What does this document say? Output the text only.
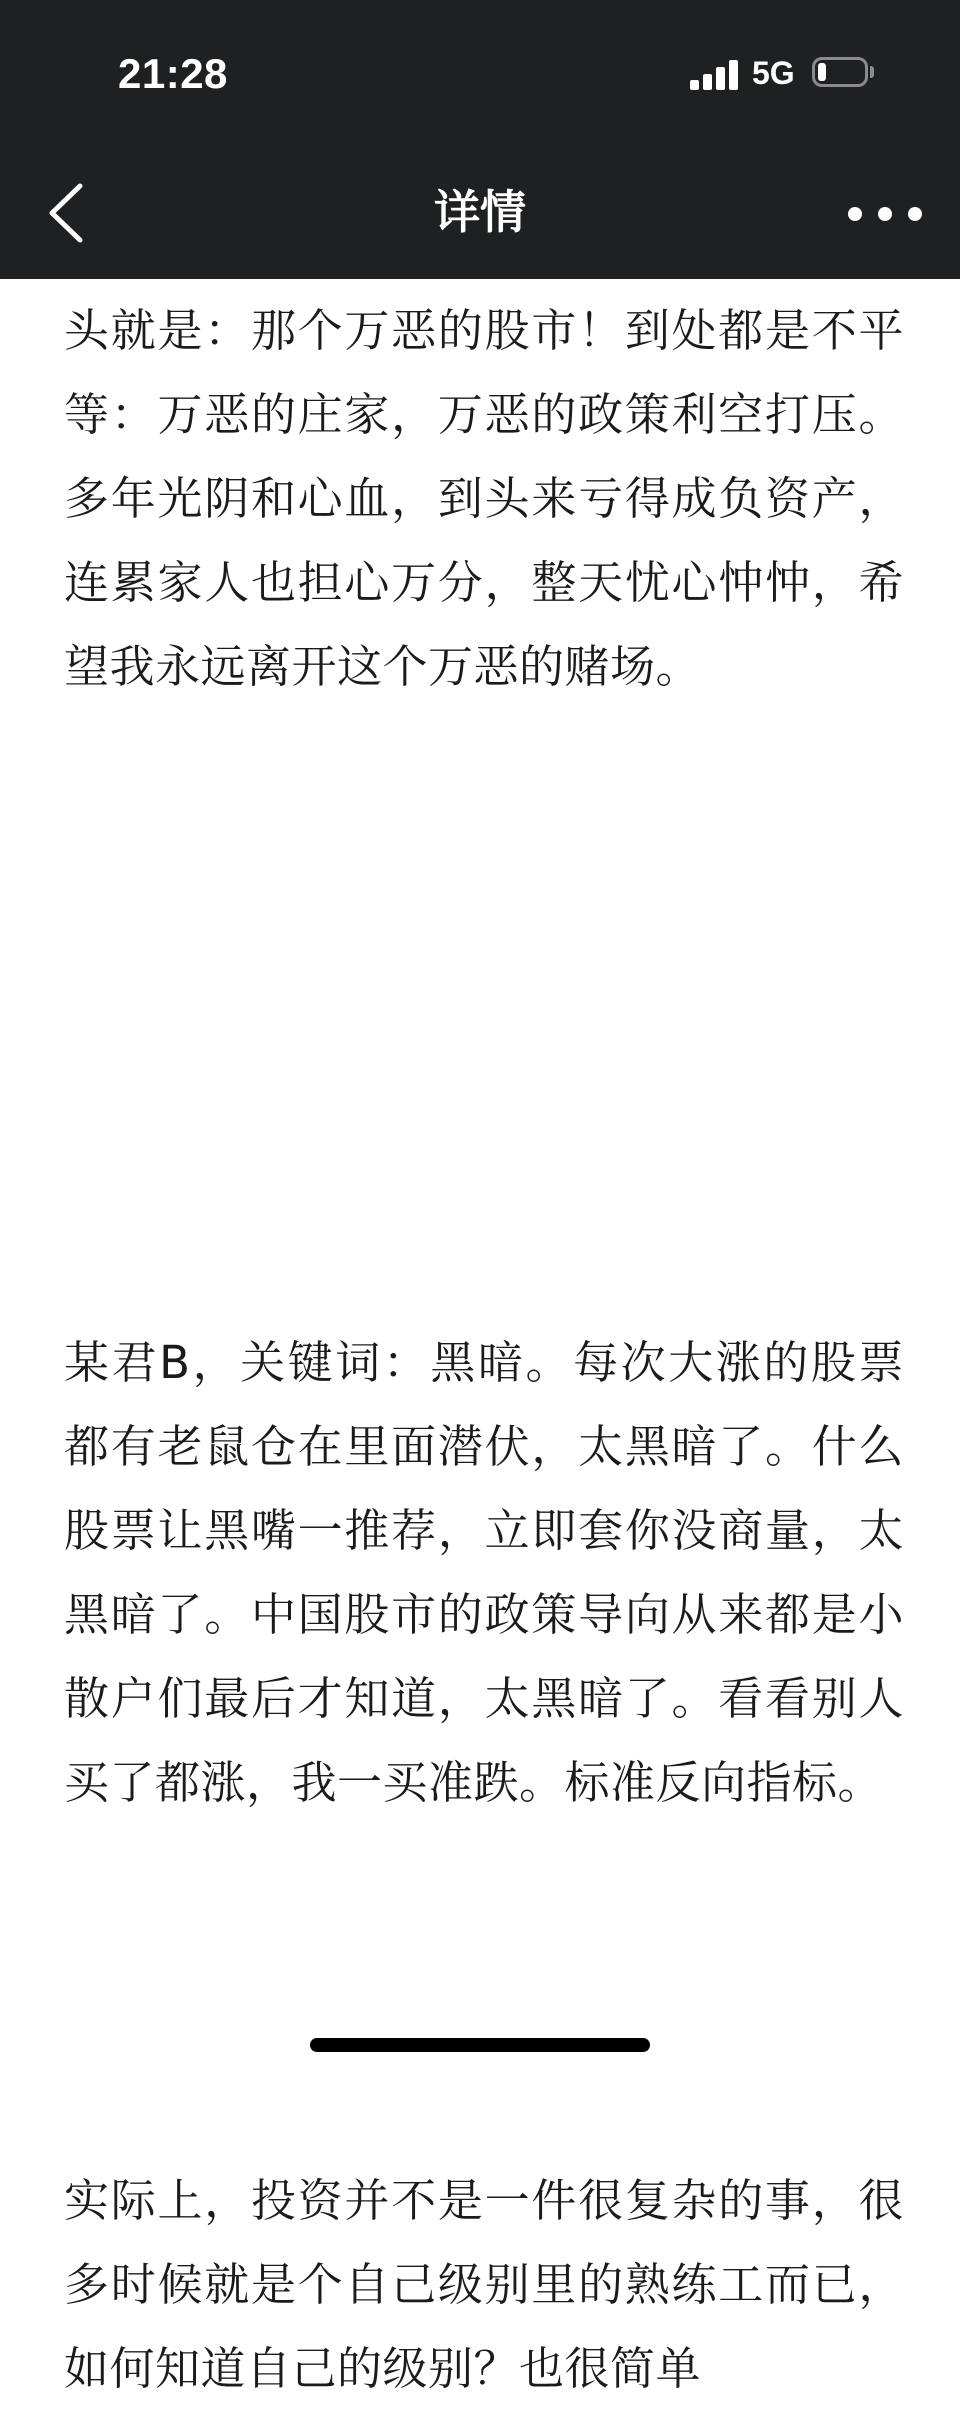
21:28	5G
详情

头就是：那个万恶的股市！到处都是不平等：万恶的庄家，万恶的政策利空打压。多年光阴和心血，到头来亏得成负资产，连累家人也担心万分，整天忧心忡忡，希望我永远离开这个万恶的赌场。

某君B，关键词：黑暗。每次大涨的股票都有老鼠仓在里面潜伏，太黑暗了。什么股票让黑嘴一推荐，立即套你没商量，太黑暗了。中国股市的政策导向从来都是小散户们最后才知道，太黑暗了。看看别人买了都涨，我一买准跌。标准反向指标。

实际上，投资并不是一件很复杂的事，很多时候就是个自己级别里的熟练工而已，如何知道自己的级别？也很简单
